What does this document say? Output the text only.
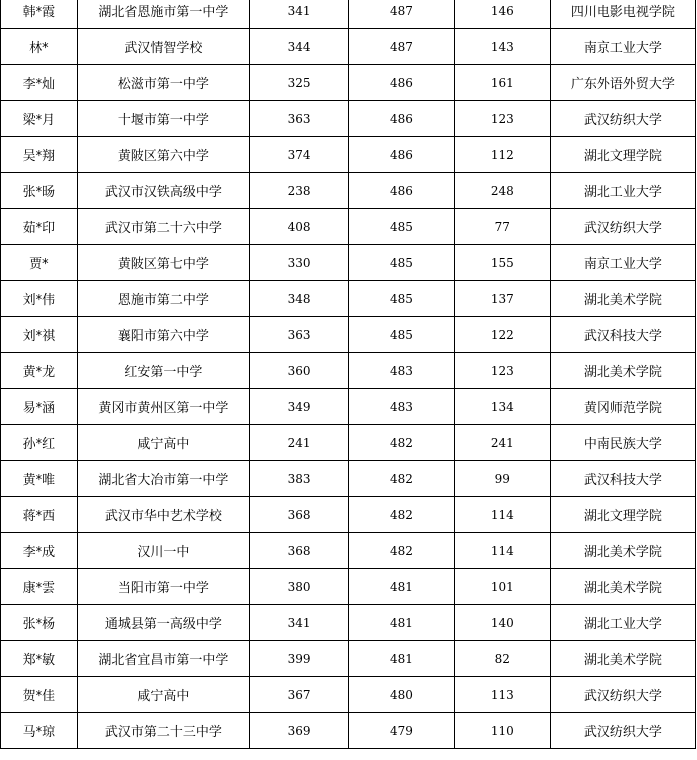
韩*霞	湖北省恩施市第一中学	341	487	146	四川电影电视学院
林*	武汉情智学校	344	487	143	南京工业大学
李*灿	松滋市第一中学	325	486	161	广东外语外贸大学
梁*月	十堰市第一中学	363	486	123	武汉纺织大学
吴*翔	黄陂区第六中学	374	486	112	湖北文理学院
张*旸	武汉市汉铁高级中学	238	486	248	湖北工业大学
茹*印	武汉市第二十六中学	408	485	77	武汉纺织大学
贾*	黄陂区第七中学	330	485	155	南京工业大学
刘*伟	恩施市第二中学	348	485	137	湖北美术学院
刘*祺	襄阳市第六中学	363	485	122	武汉科技大学
黄*龙	红安第一中学	360	483	123	湖北美术学院
易*涵	黄冈市黄州区第一中学	349	483	134	黄冈师范学院
孙*红	咸宁高中	241	482	241	中南民族大学
黄*唯	湖北省大冶市第一中学	383	482	99	武汉科技大学
蒋*西	武汉市华中艺术学校	368	482	114	湖北文理学院
李*成	汉川一中	368	482	114	湖北美术学院
康*雲	当阳市第一中学	380	481	101	湖北美术学院
张*杨	通城县第一高级中学	341	481	140	湖北工业大学
郑*敏	湖北省宜昌市第一中学	399	481	82	湖北美术学院
贺*佳	咸宁高中	367	480	113	武汉纺织大学
马*琼	武汉市第二十三中学	369	479	110	武汉纺织大学
